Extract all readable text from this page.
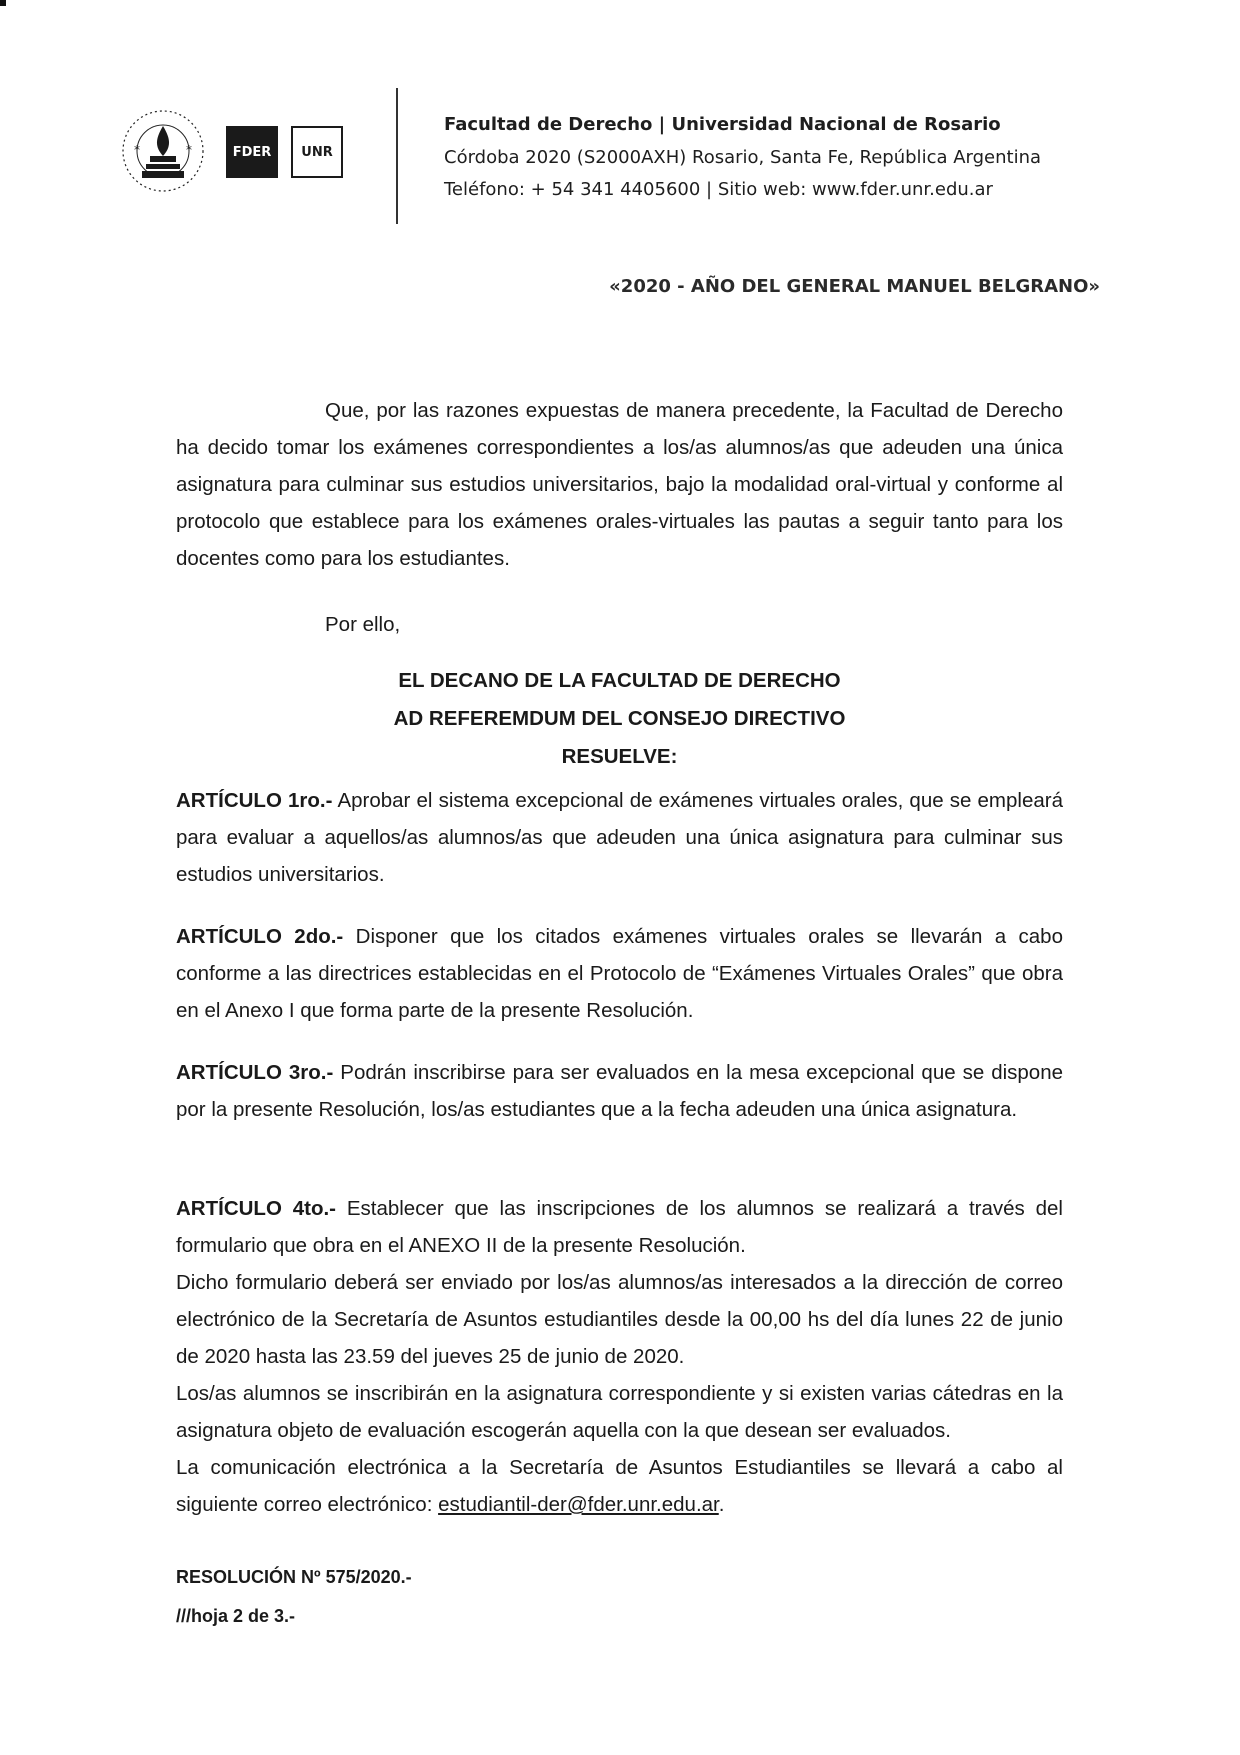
*	*	FDER	UNR
Facultad de Derecho | Universidad Nacional de Rosario
Córdoba 2020 (S2000AXH) Rosario, Santa Fe, República Argentina
Teléfono: + 54 341 4405600 | Sitio web: www.fder.unr.edu.ar
«2020 - AÑO DEL GENERAL MANUEL BELGRANO»
Que, por las razones expuestas de manera precedente, la Facultad de Derecho ha decido tomar los exámenes correspondientes a los/as alumnos/as que adeuden una única asignatura para culminar sus estudios universitarios, bajo la modalidad oral-virtual y conforme al protocolo que establece para los exámenes orales-virtuales las pautas a seguir tanto para los docentes como para los estudiantes.
Por ello,
EL DECANO DE LA FACULTAD DE DERECHO
AD REFEREMDUM DEL CONSEJO DIRECTIVO
RESUELVE:
ARTÍCULO 1ro.- Aprobar el sistema excepcional de exámenes virtuales orales, que se empleará para evaluar a aquellos/as alumnos/as que adeuden una única asignatura para culminar sus estudios universitarios.
ARTÍCULO 2do.- Disponer que los citados exámenes virtuales orales se llevarán a cabo conforme a las directrices establecidas en el Protocolo de “Exámenes Virtuales Orales” que obra en el Anexo I que forma parte de la presente Resolución.
ARTÍCULO 3ro.- Podrán inscribirse para ser evaluados en la mesa excepcional que se dispone por la presente Resolución, los/as estudiantes que a la fecha adeuden una única asignatura.
ARTÍCULO 4to.- Establecer que las inscripciones de los alumnos se realizará a través del formulario que obra en el ANEXO II de la presente Resolución.
Dicho formulario deberá ser enviado por los/as alumnos/as interesados a la dirección de correo electrónico de la Secretaría de Asuntos estudiantiles desde la 00,00 hs del día lunes 22 de junio de 2020 hasta las 23.59 del jueves 25 de junio de 2020.
Los/as alumnos se inscribirán en la asignatura correspondiente y si existen varias cátedras en la asignatura objeto de evaluación escogerán aquella con la que desean ser evaluados.
La comunicación electrónica a la Secretaría de Asuntos Estudiantiles se llevará a cabo al siguiente correo electrónico: estudiantil-der@fder.unr.edu.ar.
RESOLUCIÓN Nº 575/2020.-
///hoja 2 de 3.-
